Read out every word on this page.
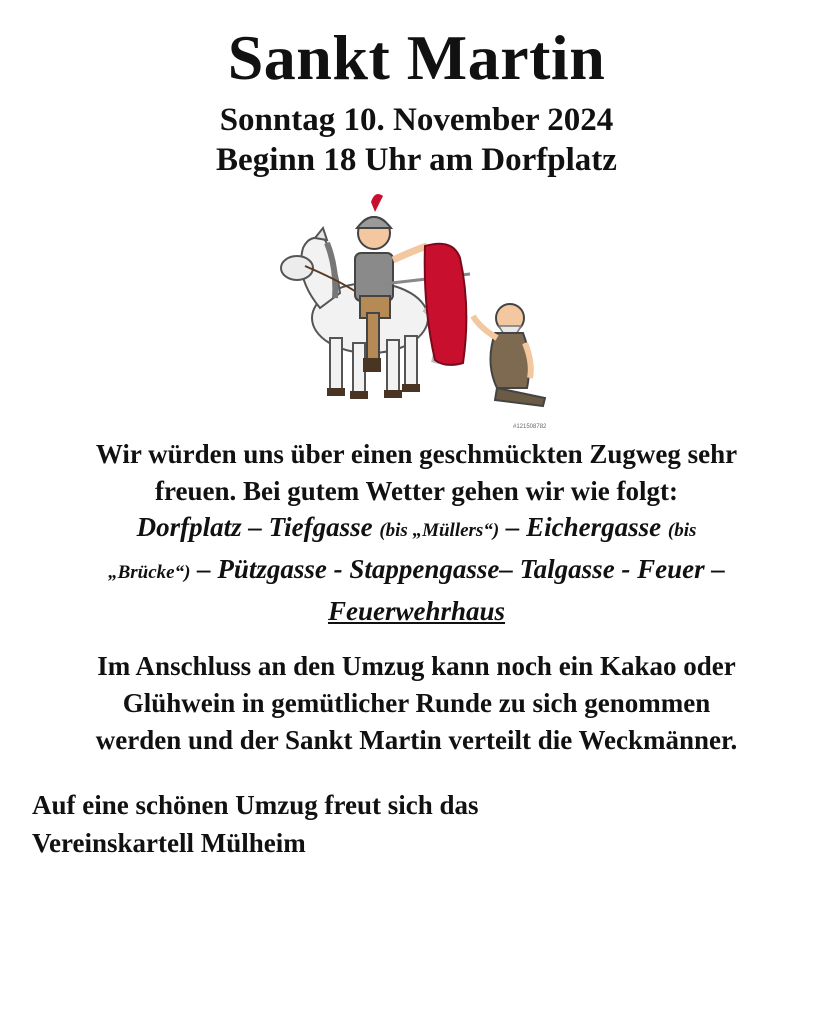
Sankt Martin
Sonntag 10. November 2024
Beginn 18 Uhr am Dorfplatz
#121508782
Wir würden uns über einen geschmückten Zugweg sehr
freuen. Bei gutem Wetter gehen wir wie folgt:
Dorfplatz – Tiefgasse (bis „Müllers“) – Eichergasse (bis
„Brücke“) – Pützgasse - Stappengasse– Talgasse - Feuer –
Feuerwehrhaus
Im Anschluss an den Umzug kann noch ein Kakao oder
Glühwein in gemütlicher Runde zu sich genommen
werden und der Sankt Martin verteilt die Weckmänner.
Auf eine schönen Umzug freut sich das
Vereinskartell Mülheim
